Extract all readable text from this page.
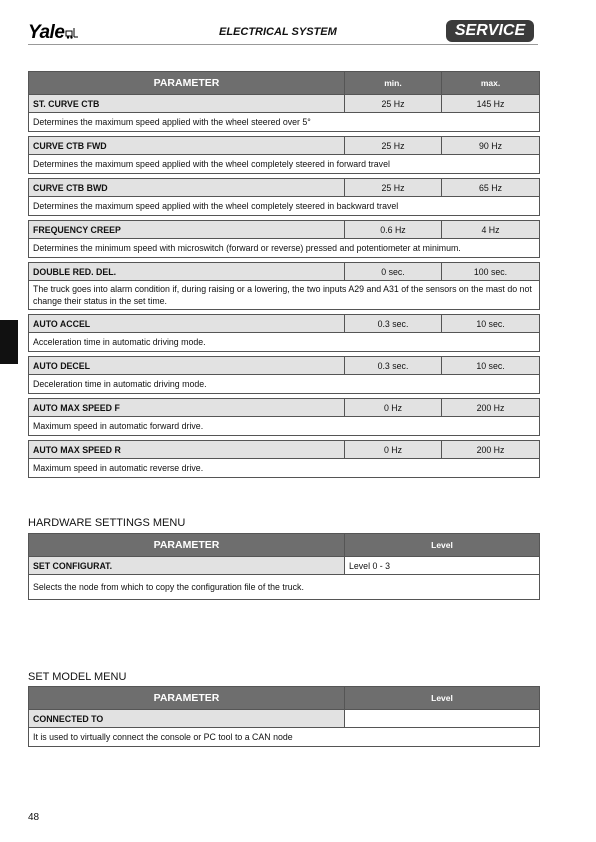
Yale	ELECTRICAL SYSTEM	SERVICE
PARAMETER	min.	max.
ST. CURVE CTB	25 Hz	145 Hz
Determines the maximum speed applied with the wheel steered over 5°		

CURVE CTB FWD	25 Hz	90 Hz
Determines the maximum speed applied with the wheel completely steered in forward travel		

CURVE CTB BWD	25 Hz	65 Hz
Determines the maximum speed applied with the wheel completely steered in backward travel		

FREQUENCY CREEP	0.6 Hz	4 Hz
Determines the minimum speed with microswitch (forward or reverse) pressed and potentiometer at minimum.		

DOUBLE RED. DEL.	0 sec.	100 sec.
The truck goes into alarm condition if, during raising or a lowering, the two inputs A29 and A31 of the sensors on the mast do not change their status in the set time.		

AUTO ACCEL	0.3 sec.	10 sec.
Acceleration time in automatic driving mode.		

AUTO DECEL	0.3 sec.	10 sec.
Deceleration time in automatic driving mode.		

AUTO MAX SPEED F	0 Hz	200 Hz
Maximum speed in automatic forward drive.		

AUTO MAX SPEED R	0 Hz	200 Hz
Maximum speed in automatic reverse drive.		
HARDWARE SETTINGS MENU
PARAMETER	Level
SET CONFIGURAT.	Level 0 - 3
Selects the node from which to copy the configuration file of the truck.	
SET MODEL MENU
PARAMETER	Level
CONNECTED TO	
It is used to virtually connect the console or PC tool to a CAN node	
48
